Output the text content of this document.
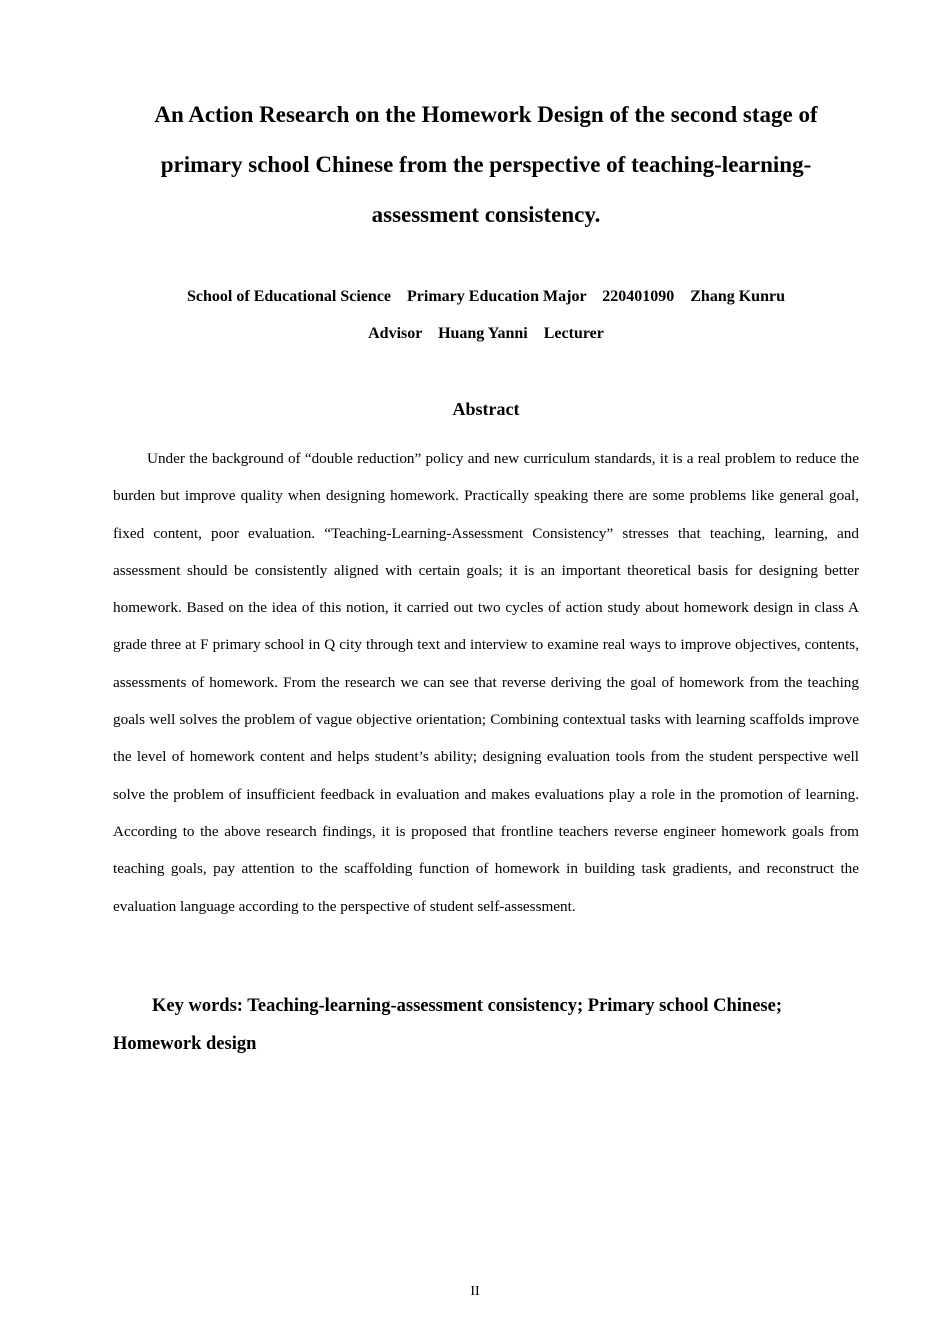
An Action Research on the Homework Design of the second stage of
primary school Chinese from the perspective of teaching-learning-
assessment consistency.
School of Educational Science    Primary Education Major    220401090    Zhang Kunru
Advisor    Huang Yanni    Lecturer
Abstract

Under the background of “double reduction” policy and new curriculum standards, it is a real problem to reduce the burden but improve quality when designing homework. Practically speaking there are some problems like general goal, fixed content, poor evaluation. “Teaching-Learning-Assessment Consistency” stresses that teaching, learning, and assessment should be consistently aligned with certain goals; it is an important theoretical basis for designing better homework. Based on the idea of this notion, it carried out two cycles of action study about homework design in class A grade three at F primary school in Q city through text and interview to examine real ways to improve objectives, contents, assessments of homework. From the research we can see that reverse deriving the goal of homework from the teaching goals well solves the problem of vague objective orientation; Combining contextual tasks with learning scaffolds improve the level of homework content and helps student’s ability; designing evaluation tools from the student perspective well solve the problem of insufficient feedback in evaluation and makes evaluations play a role in the promotion of learning. According to the above research findings, it is proposed that frontline teachers reverse engineer homework goals from teaching goals, pay attention to the scaffolding function of homework in building task gradients, and reconstruct the evaluation language according to the perspective of student self-assessment.

Key words: Teaching-learning-assessment consistency; Primary school Chinese; Homework design
II
